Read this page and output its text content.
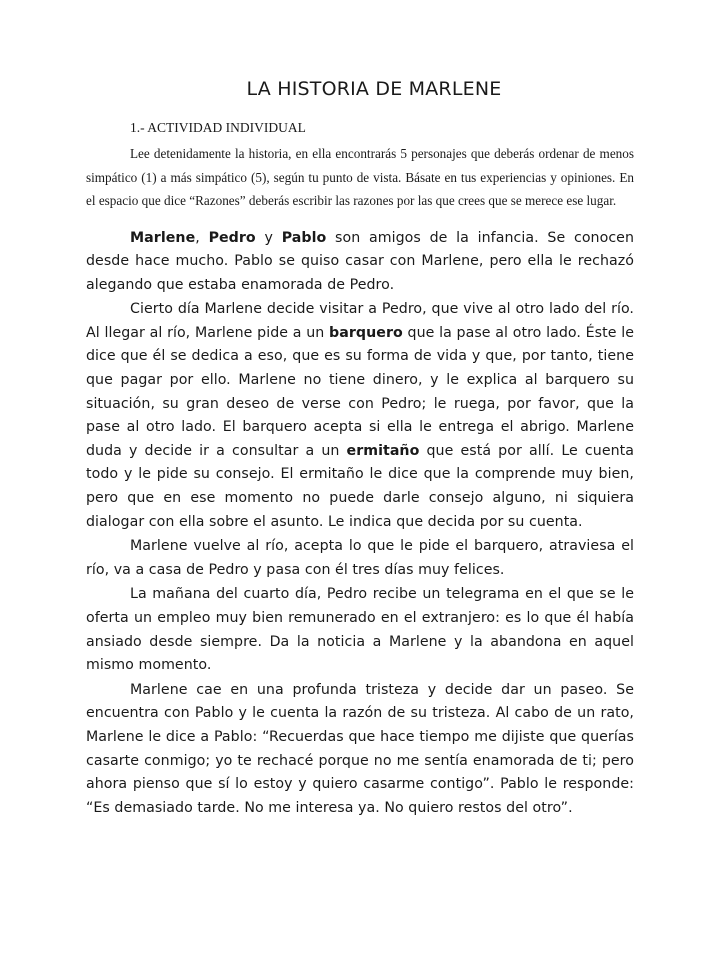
LA HISTORIA DE MARLENE
1.- ACTIVIDAD INDIVIDUAL

Lee detenidamente la historia, en ella encontrarás 5 personajes que deberás ordenar de menos simpático (1) a más simpático (5), según tu punto de vista. Básate en tus experiencias y opiniones. En el espacio que dice “Razones” deberás escribir las razones por las que crees que se merece ese lugar.

Marlene, Pedro y Pablo son amigos de la infancia. Se conocen desde hace mucho. Pablo se quiso casar con Marlene, pero ella le rechazó alegando que estaba enamorada de Pedro.

Cierto día Marlene decide visitar a Pedro, que vive al otro lado del río. Al llegar al río, Marlene pide a un barquero que la pase al otro lado. Éste le dice que él se dedica a eso, que es su forma de vida y que, por tanto, tiene que pagar por ello. Marlene no tiene dinero, y le explica al barquero su situación, su gran deseo de verse con Pedro; le ruega, por favor, que la pase al otro lado. El barquero acepta si ella le entrega el abrigo. Marlene duda y decide ir a consultar a un ermitaño que está por allí. Le cuenta todo y le pide su consejo. El ermitaño le dice que la comprende muy bien, pero que en ese momento no puede darle consejo alguno, ni siquiera dialogar con ella sobre el asunto. Le indica que decida por su cuenta.

Marlene vuelve al río, acepta lo que le pide el barquero, atraviesa el río, va a casa de Pedro y pasa con él tres días muy felices.

La mañana del cuarto día, Pedro recibe un telegrama en el que se le oferta un empleo muy bien remunerado en el extranjero: es lo que él había ansiado desde siempre. Da la noticia a Marlene y la abandona en aquel mismo momento.

Marlene cae en una profunda tristeza y decide dar un paseo. Se encuentra con Pablo y le cuenta la razón de su tristeza. Al cabo de un rato, Marlene le dice a Pablo: “Recuerdas que hace tiempo me dijiste que querías casarte conmigo; yo te rechacé porque no me sentía enamorada de ti; pero ahora pienso que sí lo estoy y quiero casarme contigo”. Pablo le responde: “Es demasiado tarde. No me interesa ya. No quiero restos del otro”.
